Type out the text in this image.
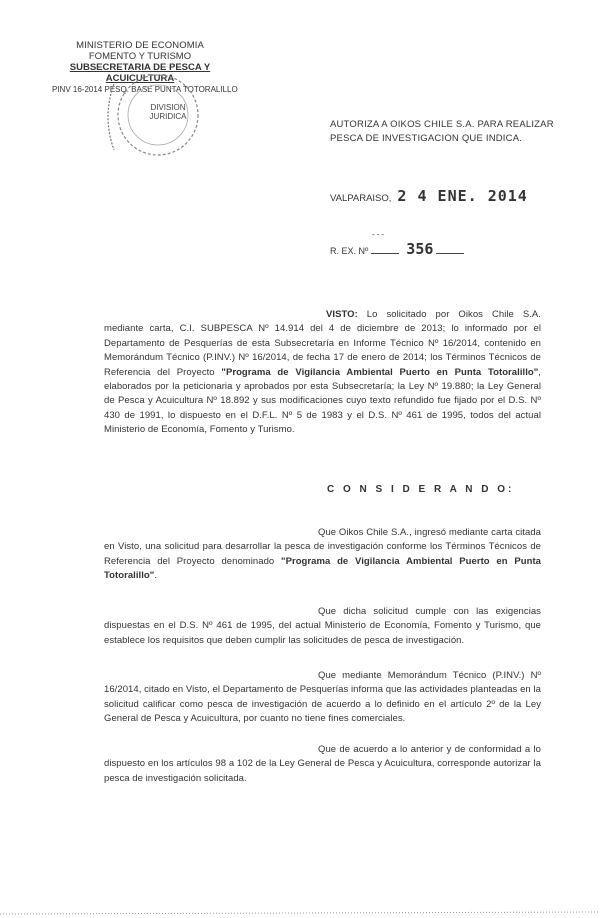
MINISTERIO DE ECONOMIA
FOMENTO Y TURISMO
SUBSECRETARIA DE PESCA Y ACUICULTURA
PINV 16-2014 PESQ. BASE PUNTA TOTORALILLO
DIVISION JURIDICA
AUTORIZA A OIKOS CHILE S.A. PARA REALIZAR PESCA DE INVESTIGACION QUE INDICA.
VALPARAISO, 2 4 ENE. 2014
---
R. EX. Nº	356
VISTO: Lo solicitado por Oikos Chile S.A. mediante carta, C.I. SUBPESCA Nº 14.914 del 4 de diciembre de 2013; lo informado por el Departamento de Pesquerías de esta Subsecretaría en Informe Técnico Nº 16/2014, contenido en Memorándum Técnico (P.INV.) Nº 16/2014, de fecha 17 de enero de 2014; los Términos Técnicos de Referencia del Proyecto "Programa de Vigilancia Ambiental Puerto en Punta Totoralillo", elaborados por la peticionaria y aprobados por esta Subsecretaría; la Ley Nº 19.880; la Ley General de Pesca y Acuicultura Nº 18.892 y sus modificaciones cuyo texto refundido fue fijado por el D.S. Nº 430 de 1991, lo dispuesto en el D.F.L. Nº 5 de 1983 y el D.S. Nº 461 de 1995, todos del actual Ministerio de Economía, Fomento y Turismo.
C O N S I D E R A N D O:
Que Oikos Chile S.A., ingresó mediante carta citada en Visto, una solicitud para desarrollar la pesca de investigación conforme los Términos Técnicos de Referencia del Proyecto denominado "Programa de Vigilancia Ambiental Puerto en Punta Totoralillo".
Que dicha solicitud cumple con las exigencias dispuestas en el D.S. Nº 461 de 1995, del actual Ministerio de Economía, Fomento y Turismo, que establece los requisitos que deben cumplir las solicitudes de pesca de investigación.
Que mediante Memorándum Técnico (P.INV.) Nº 16/2014, citado en Visto, el Departamento de Pesquerías informa que las actividades planteadas en la solicitud calificar como pesca de investigación de acuerdo a lo definido en el artículo 2º de la Ley General de Pesca y Acuicultura, por cuanto no tiene fines comerciales.
Que de acuerdo a lo anterior y de conformidad a lo dispuesto en los artículos 98 a 102 de la Ley General de Pesca y Acuicultura, corresponde autorizar la pesca de investigación solicitada.
